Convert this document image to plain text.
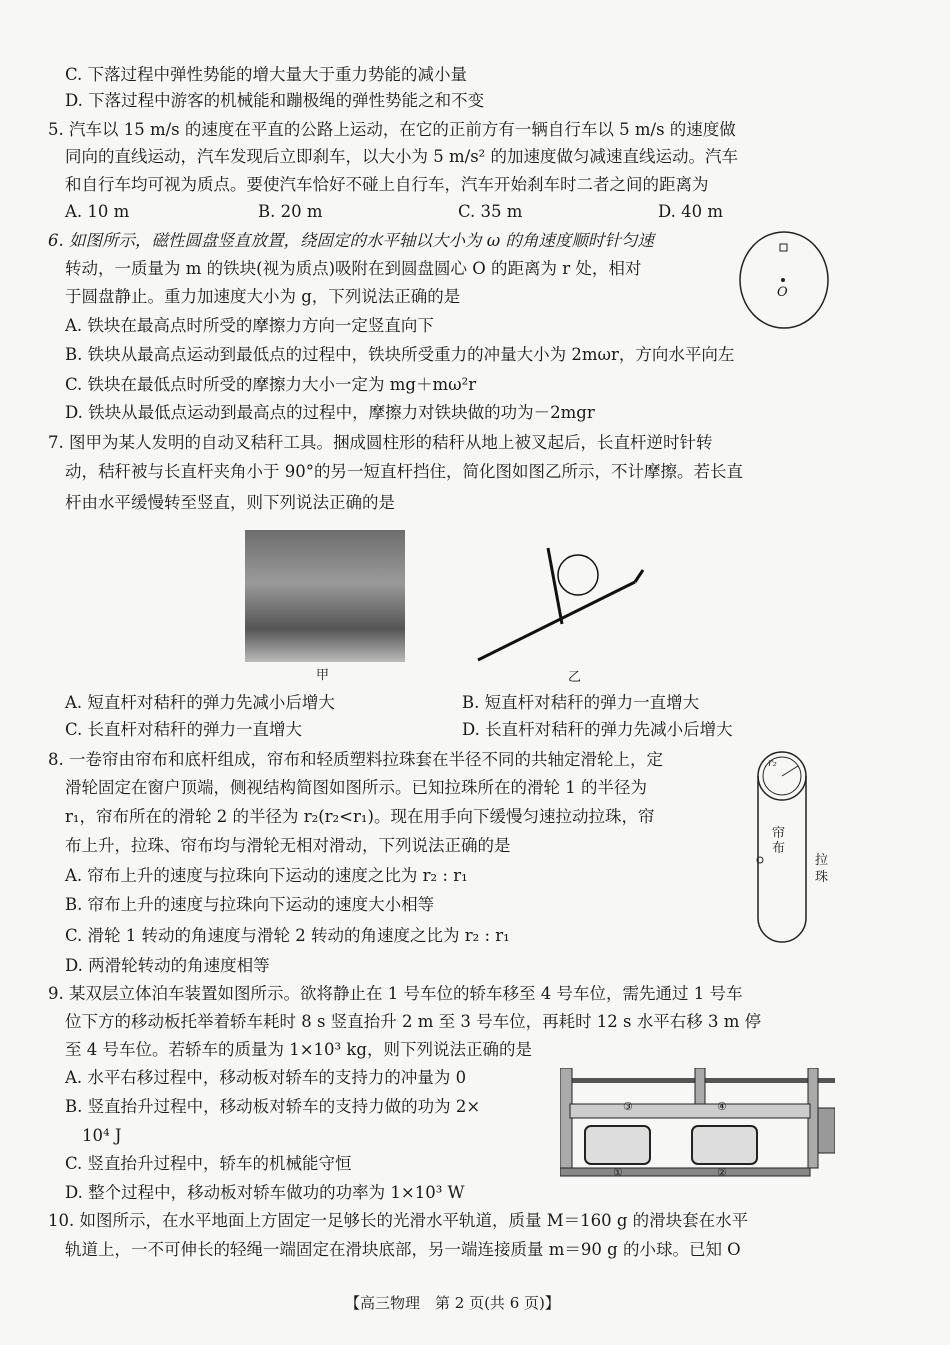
C. 下落过程中弹性势能的增大量大于重力势能的减小量
D. 下落过程中游客的机械能和蹦极绳的弹性势能之和不变
5. 汽车以 15 m/s 的速度在平直的公路上运动，在它的正前方有一辆自行车以 5 m/s 的速度做
同向的直线运动，汽车发现后立即刹车，以大小为 5 m/s² 的加速度做匀减速直线运动。汽车
和自行车均可视为质点。要使汽车恰好不碰上自行车，汽车开始刹车时二者之间的距离为
A. 10 m	B. 20 m	C. 35 m	D. 40 m
6. 如图所示，磁性圆盘竖直放置，绕固定的水平轴以大小为 ω 的角速度顺时针匀速
转动，一质量为 m 的铁块(视为质点)吸附在到圆盘圆心 O 的距离为 r 处，相对
于圆盘静止。重力加速度大小为 g，下列说法正确的是	O
A. 铁块在最高点时所受的摩擦力方向一定竖直向下
B. 铁块从最高点运动到最低点的过程中，铁块所受重力的冲量大小为 2mωr，方向水平向左
C. 铁块在最低点时所受的摩擦力大小一定为 mg＋mω²r
D. 铁块从最低点运动到最高点的过程中，摩擦力对铁块做的功为－2mgr
7. 图甲为某人发明的自动叉秸秆工具。捆成圆柱形的秸秆从地上被叉起后，长直杆逆时针转
动，秸秆被与长直杆夹角小于 90°的另一短直杆挡住，简化图如图乙所示，不计摩擦。若长直
杆由水平缓慢转至竖直，则下列说法正确的是
甲	乙
A. 短直杆对秸秆的弹力先减小后增大	B. 短直杆对秸秆的弹力一直增大
C. 长直杆对秸秆的弹力一直增大	D. 长直杆对秸秆的弹力先减小后增大
8. 一卷帘由帘布和底杆组成，帘布和轻质塑料拉珠套在半径不同的共轴定滑轮上，定
滑轮固定在窗户顶端，侧视结构简图如图所示。已知拉珠所在的滑轮 1 的半径为
r₁，帘布所在的滑轮 2 的半径为 r₂(r₂<r₁)。现在用手向下缓慢匀速拉动拉珠，帘
布上升，拉珠、帘布均与滑轮无相对滑动，下列说法正确的是
r₂
帘布
拉珠
A. 帘布上升的速度与拉珠向下运动的速度之比为 r₂ : r₁
B. 帘布上升的速度与拉珠向下运动的速度大小相等
C. 滑轮 1 转动的角速度与滑轮 2 转动的角速度之比为 r₂ : r₁
D. 两滑轮转动的角速度相等
9. 某双层立体泊车装置如图所示。欲将静止在 1 号车位的轿车移至 4 号车位，需先通过 1 号车
位下方的移动板托举着轿车耗时 8 s 竖直抬升 2 m 至 3 号车位，再耗时 12 s 水平右移 3 m 停
至 4 号车位。若轿车的质量为 1×10³ kg，则下列说法正确的是
A. 水平右移过程中，移动板对轿车的支持力的冲量为 0
B. 竖直抬升过程中，移动板对轿车的支持力做的功为 2×
10⁴ J
C. 竖直抬升过程中，轿车的机械能守恒
D. 整个过程中，移动板对轿车做功的功率为 1×10³ W
③	④
①	②
10. 如图所示，在水平地面上方固定一足够长的光滑水平轨道，质量 M＝160 g 的滑块套在水平
轨道上，一不可伸长的轻绳一端固定在滑块底部，另一端连接质量 m＝90 g 的小球。已知 O
【高三物理　第 2 页(共 6 页)】
